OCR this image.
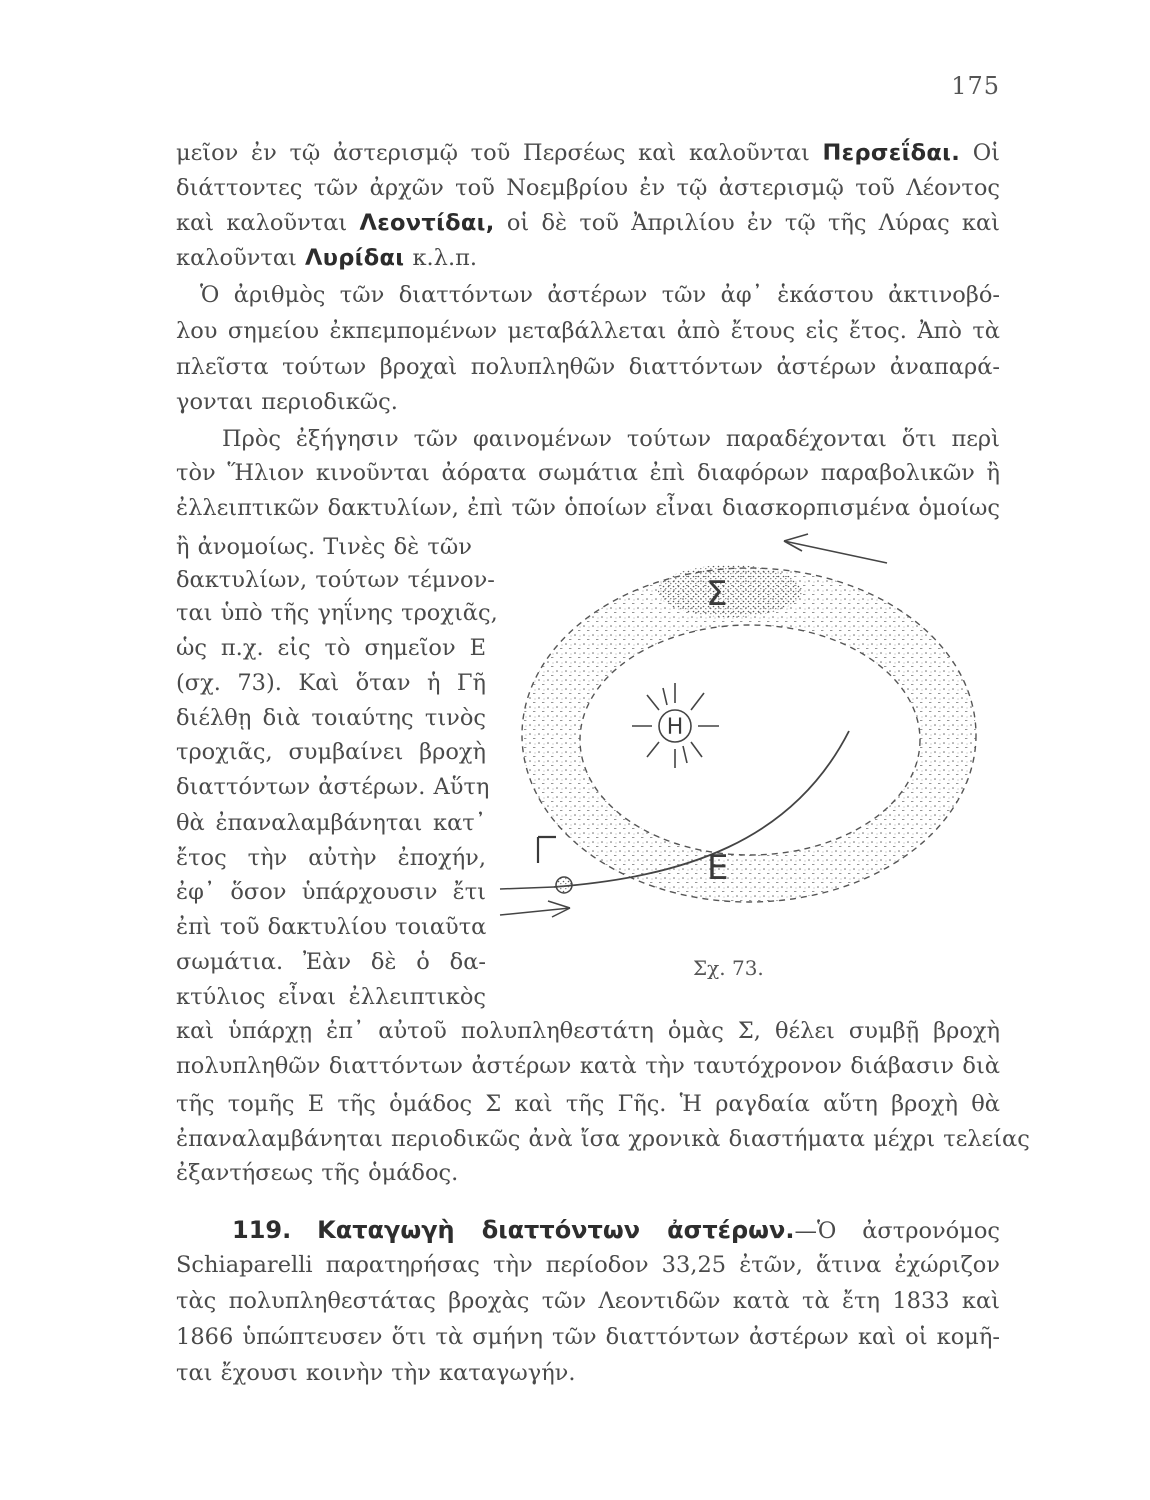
175
μεῖον ἐν τῷ ἀστερισμῷ τοῦ Περσέως καὶ καλοῦνται Περσεΐδαι. Οἱ
διάττοντες τῶν ἀρχῶν τοῦ Νοεμβρίου ἐν τῷ ἀστερισμῷ τοῦ Λέοντος
καὶ καλοῦνται Λεοντίδαι, οἱ δὲ τοῦ Ἀπριλίου ἐν τῷ τῆς Λύρας καὶ
καλοῦνται Λυρίδαι κ.λ.π.
Ὁ ἀριθμὸς τῶν διαττόντων ἀστέρων τῶν ἀφ᾽ ἑκάστου ἀκτινοβό-
λου σημείου ἐκπεμπομένων μεταβάλλεται ἀπὸ ἔτους εἰς ἔτος. Ἀπὸ τὰ
πλεῖστα τούτων βροχαὶ πολυπληθῶν διαττόντων ἀστέρων ἀναπαρά-
γονται περιοδικῶς.
Πρὸς ἐξήγησιν τῶν φαινομένων τούτων παραδέχονται ὅτι περὶ
τὸν Ἥλιον κινοῦνται ἀόρατα σωμάτια ἐπὶ διαφόρων παραβολικῶν ἢ
ἐλλειπτικῶν δακτυλίων, ἐπὶ τῶν ὁποίων εἶναι διασκορπισμένα ὁμοίως
ἢ ἀνομοίως. Τινὲς δὲ τῶν
δακτυλίων, τούτων τέμνον-
ται ὑπὸ τῆς γηΐνης τροχιᾶς,
ὡς π.χ. εἰς τὸ σημεῖον Ε
(σχ. 73). Καὶ ὅταν ἡ Γῆ
διέλθῃ διὰ τοιαύτης τινὸς
τροχιᾶς, συμβαίνει βροχὴ
διαττόντων ἀστέρων. Αὕτη
θὰ ἐπαναλαμβάνηται κατ᾽
ἔτος τὴν αὐτὴν ἐποχήν,
ἐφ᾽ ὅσον ὑπάρχουσιν ἔτι
ἐπὶ τοῦ δακτυλίου τοιαῦτα
σωμάτια. Ἐὰν δὲ ὁ δα-
κτύλιος εἶναι ἐλλειπτικὸς
καὶ ὑπάρχῃ ἐπ᾽ αὐτοῦ πολυπληθεστάτη ὁμὰς Σ, θέλει συμβῇ βροχὴ
πολυπληθῶν διαττόντων ἀστέρων κατὰ τὴν ταυτόχρονον διάβασιν διὰ
τῆς τομῆς Ε τῆς ὁμάδος Σ καὶ τῆς Γῆς. Ἡ ραγδαία αὕτη βροχὴ θὰ
ἐπαναλαμβάνηται περιοδικῶς ἀνὰ ἴσα χρονικὰ διαστήματα μέχρι τελείας
ἐξαντήσεως τῆς ὁμάδος.
119. Καταγωγὴ διαττόντων ἀστέρων.—Ὁ ἀστρονόμος
Schiaparelli παρατηρήσας τὴν περίοδον 33,25 ἐτῶν, ἅτινα ἐχώριζον
τὰς πολυπληθεστάτας βροχὰς τῶν Λεοντιδῶν κατὰ τὰ ἔτη 1833 καὶ
1866 ὑπώπτευσεν ὅτι τὰ σμήνη τῶν διαττόντων ἀστέρων καὶ οἱ κομῆ-
ται ἔχουσι κοινὴν τὴν καταγωγήν.
Σ
Η
Γ
Ε
Σχ. 73.
